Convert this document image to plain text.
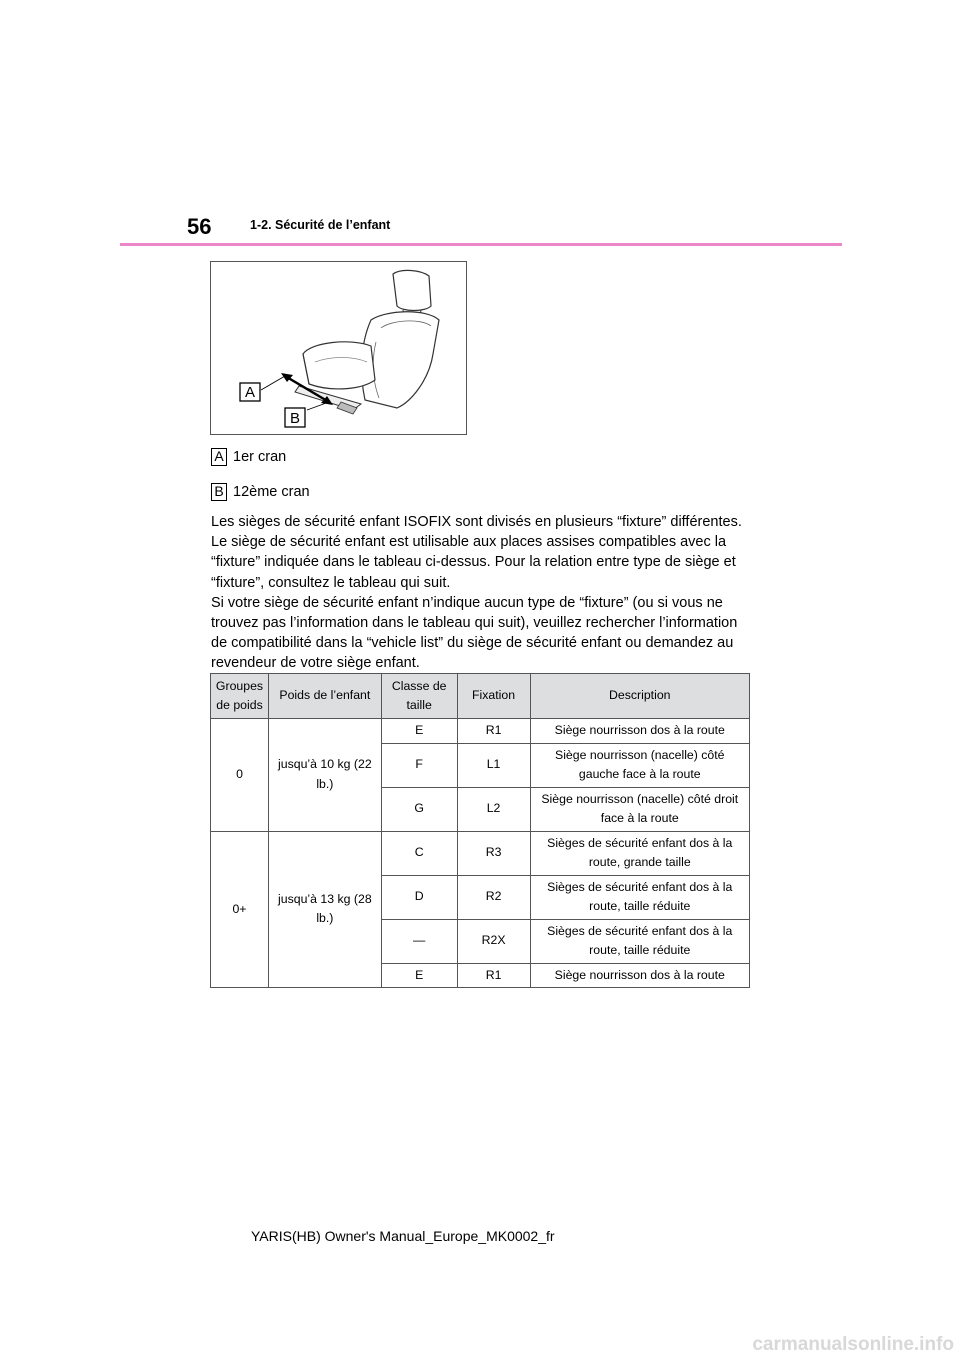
56	1-2. Sécurité de l’enfant
A
B
A 1er cran
B 12ème cran

Les sièges de sécurité enfant ISOFIX sont divisés en plusieurs “fixture” différentes. Le siège de sécurité enfant est utilisable aux places assises compatibles avec la “fixture” indiquée dans le tableau ci-dessus. Pour la relation entre type de siège et “fixture”, consultez le tableau qui suit.

Si votre siège de sécurité enfant n’indique aucun type de “fixture” (ou si vous ne trouvez pas l’information dans le tableau qui suit), veuillez rechercher l’information de compatibilité dans la “vehicle list” du siège de sécurité enfant ou demandez au revendeur de votre siège enfant.

Groupes de poids	Poids de l’enfant	Classe de taille	Fixation	Description
0	jusqu’à 10 kg (22 lb.)	E	R1	Siège nourrisson dos à la route
		F	L1	Siège nourrisson (nacelle) côté gauche face à la route
		G	L2	Siège nourrisson (nacelle) côté droit face à la route
0+	jusqu’à 13 kg (28 lb.)	C	R3	Sièges de sécurité enfant dos à la route, grande taille
		D	R2	Sièges de sécurité enfant dos à la route, taille réduite
		—	R2X	Sièges de sécurité enfant dos à la route, taille réduite
		E	R1	Siège nourrisson dos à la route
YARIS(HB) Owner's Manual_Europe_MK0002_fr
carmanualsonline.info
